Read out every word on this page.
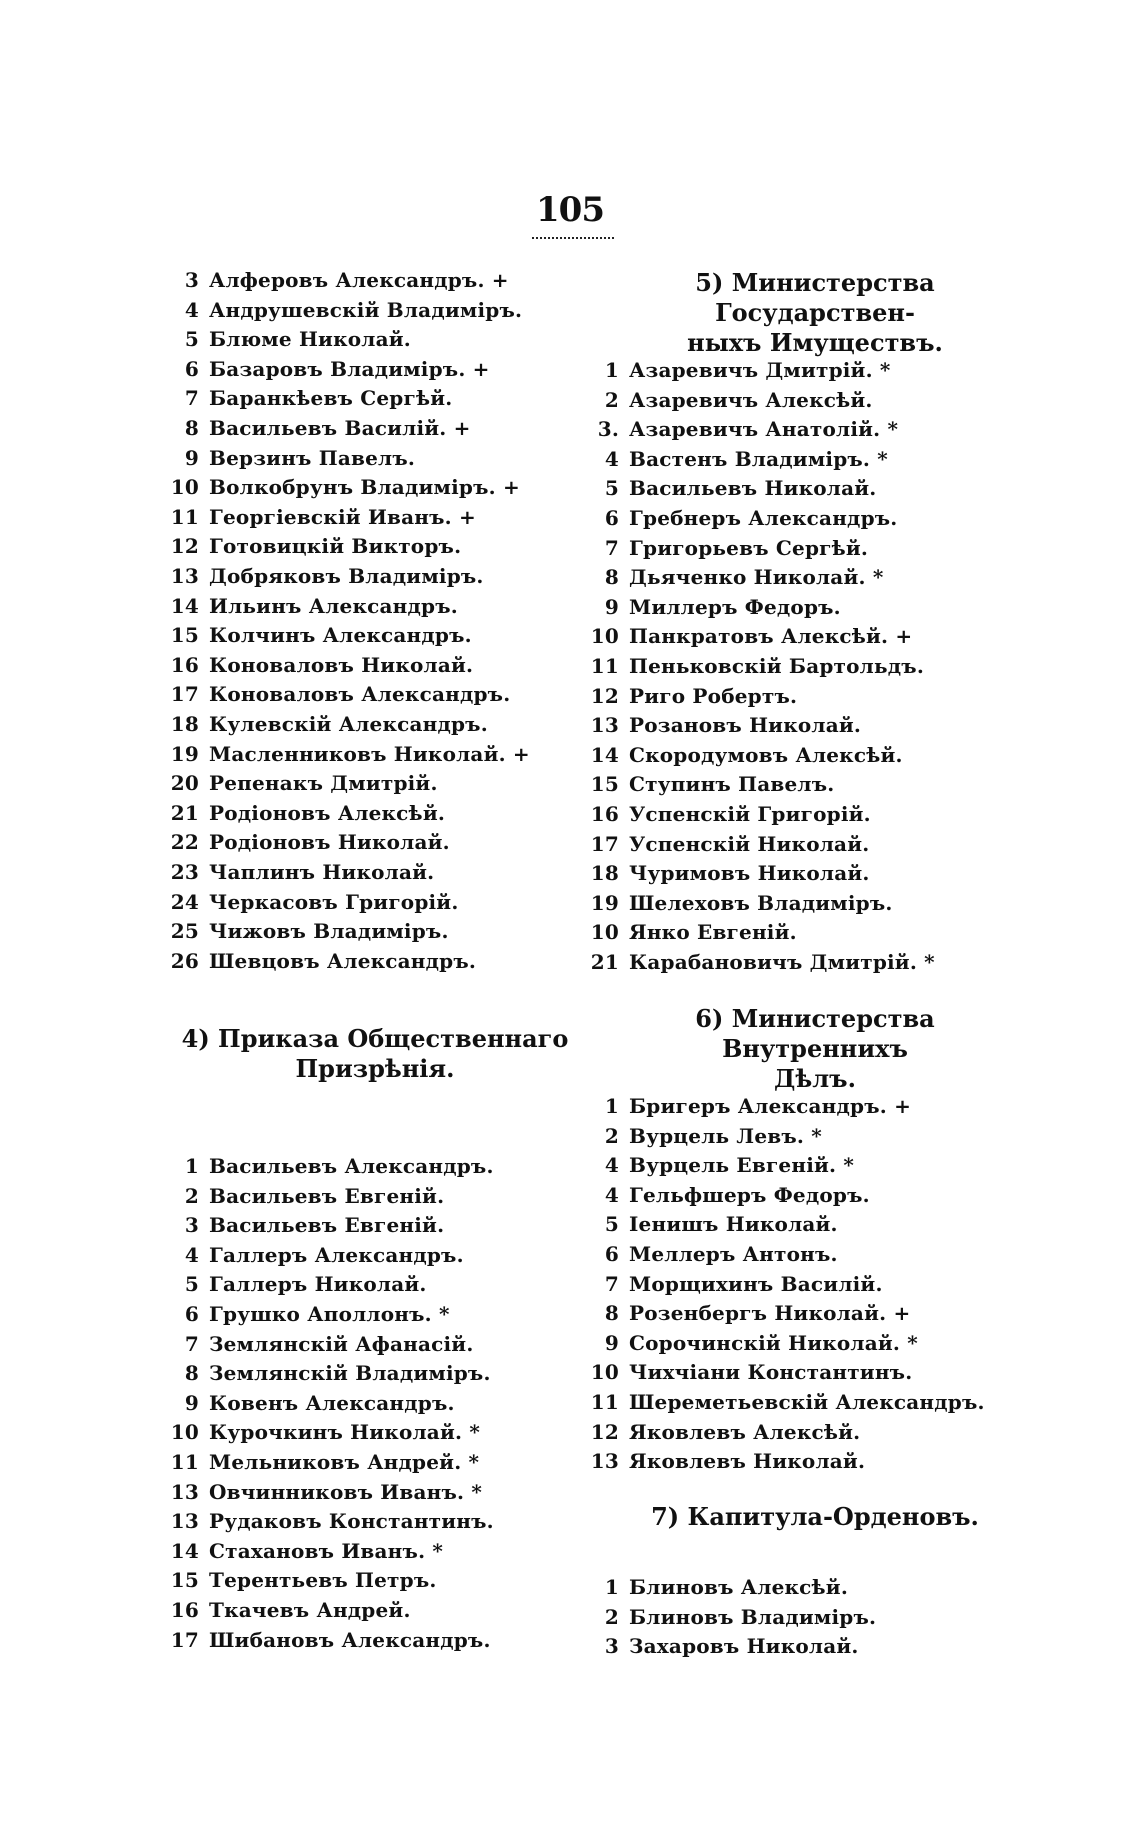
105
3 Алферовъ Александръ. +
4 Андрушевскій Владиміръ.
5 Блюме Николай.
6 Базаровъ Владиміръ. +
7 Баранкѣевъ Сергѣй.
8 Васильевъ Василій. +
9 Верзинъ Павелъ.
10 Волкобрунъ Владиміръ. +
11 Георгіевскій Иванъ. +
12 Готовицкій Викторъ.
13 Добряковъ Владиміръ.
14 Ильинъ Александръ.
15 Колчинъ Александръ.
16 Коноваловъ Николай.
17 Коноваловъ Александръ.
18 Кулевскій Александръ.
19 Масленниковъ Николай. +
20 Репенакъ Дмитрій.
21 Родіоновъ Алексѣй.
22 Родіоновъ Николай.
23 Чаплинъ Николай.
24 Черкасовъ Григорій.
25 Чижовъ Владиміръ.
26 Шевцовъ Александръ.
4) Приказа Общественнаго
Призрѣнія.
1 Васильевъ Александръ.
2 Васильевъ Евгеній.
3 Васильевъ Евгеній.
4 Галлеръ Александръ.
5 Галлеръ Николай.
6 Грушко Аполлонъ. *
7 Землянскій Афанасій.
8 Землянскій Владиміръ.
9 Ковенъ Александръ.
10 Курочкинъ Николай. *
11 Мельниковъ Андрей. *
13 Овчинниковъ Иванъ. *
13 Рудаковъ Константинъ.
14 Стахановъ Иванъ. *
15 Терентьевъ Петръ.
16 Ткачевъ Андрей.
17 Шибановъ Александръ.
5) Министерства Государствен-
ныхъ Имуществъ.
1 Азаревичъ Дмитрій. *
2 Азаревичъ Алексѣй.
3. Азаревичъ Анатолій. *
4 Вастенъ Владиміръ. *
5 Васильевъ Николай.
6 Гребнеръ Александръ.
7 Григорьевъ Сергѣй.
8 Дьяченко Николай. *
9 Миллеръ Федоръ.
10 Панкратовъ Алексѣй. +
11 Пеньковскій Бартольдъ.
12 Риго Робертъ.
13 Розановъ Николай.
14 Скородумовъ Алексѣй.
15 Ступинъ Павелъ.
16 Успенскій Григорій.
17 Успенскій Николай.
18 Чуримовъ Николай.
19 Шелеховъ Владиміръ.
10 Янко Евгеній.
21 Карабановичъ Дмитрій. *
6) Министерства Внутреннихъ
Дѣлъ.
1 Бригеръ Александръ. +
2 Вурцель Левъ. *
4 Вурцель Евгеній. *
4 Гельфшеръ Федоръ.
5 Іенишъ Николай.
6 Меллеръ Антонъ.
7 Морщихинъ Василій.
8 Розенбергъ Николай. +
9 Сорочинскій Николай. *
10 Чихчіани Константинъ.
11 Шереметьевскій Александръ.
12 Яковлевъ Алексѣй.
13 Яковлевъ Николай.
7) Капитула-Орденовъ.
1 Блиновъ Алексѣй.
2 Блиновъ Владиміръ.
3 Захаровъ Николай.
